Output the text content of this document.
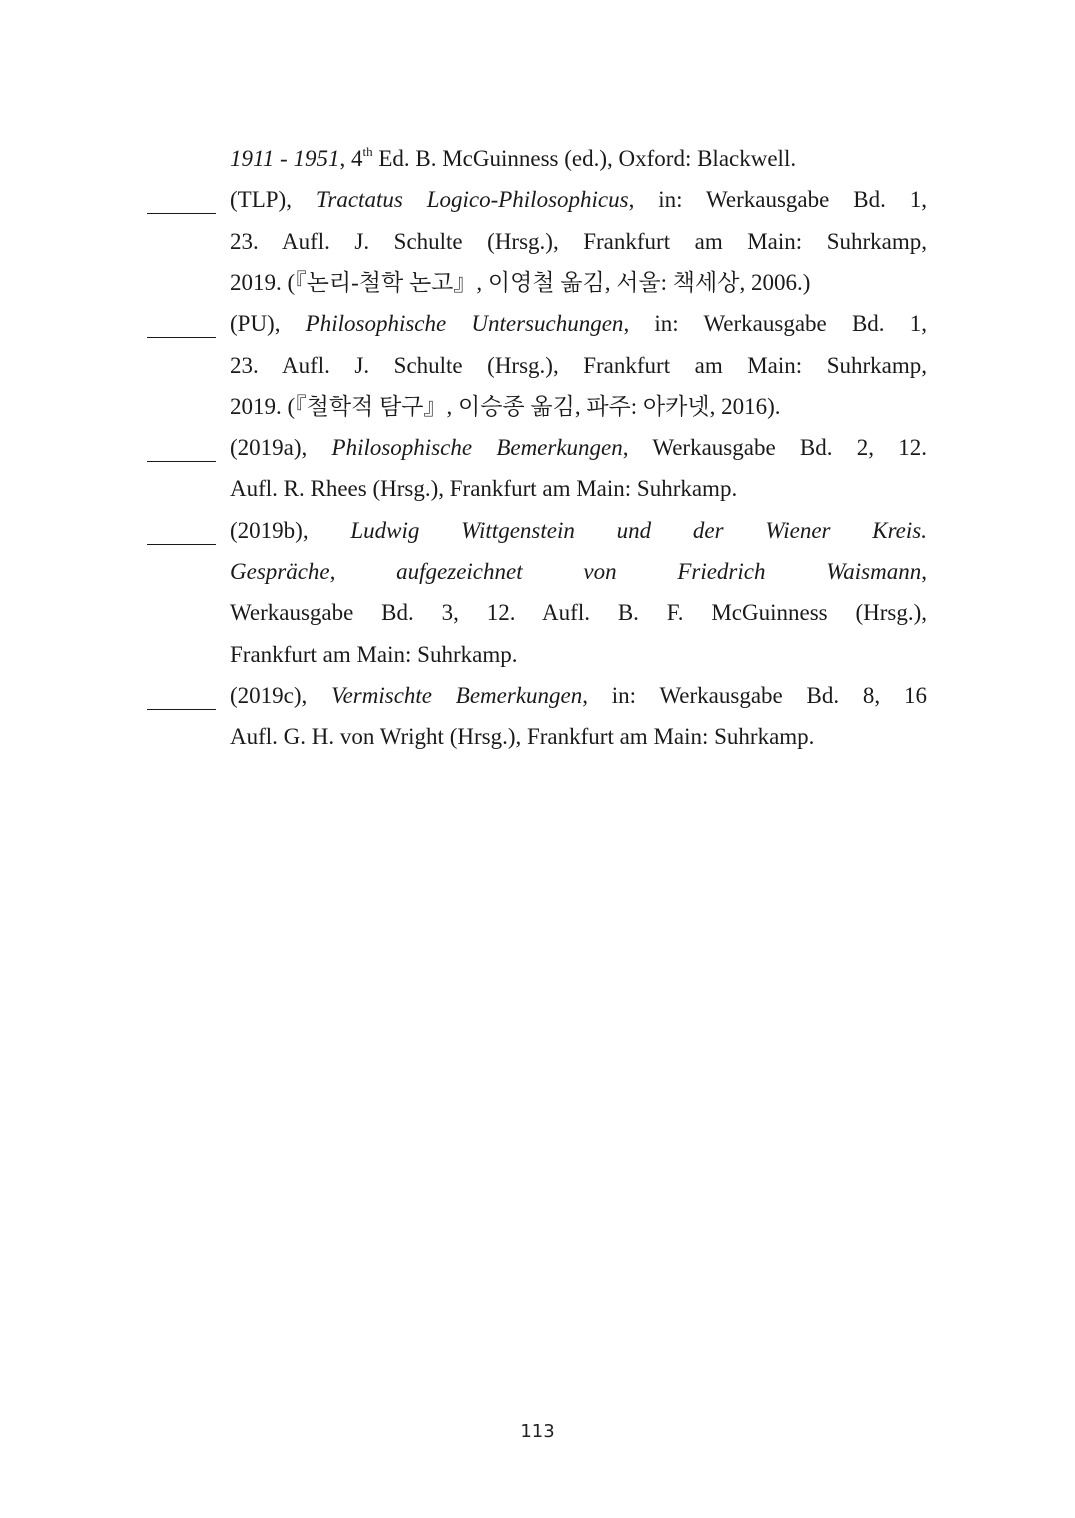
1911 - 1951, 4th Ed. B. McGuinness (ed.), Oxford: Blackwell.
(TLP), Tractatus Logico-Philosophicus, in: Werkausgabe Bd. 1,
23. Aufl. J. Schulte (Hrsg.), Frankfurt am Main: Suhrkamp,
2019. (『논리-철학 논고』, 이영철 옮김, 서울: 책세상, 2006.)
(PU), Philosophische Untersuchungen, in: Werkausgabe Bd. 1,
23. Aufl. J. Schulte (Hrsg.), Frankfurt am Main: Suhrkamp,
2019. (『철학적 탐구』, 이승종 옮김, 파주: 아카넷, 2016).
(2019a), Philosophische Bemerkungen, Werkausgabe Bd. 2, 12.
Aufl. R. Rhees (Hrsg.), Frankfurt am Main: Suhrkamp.
(2019b), Ludwig Wittgenstein und der Wiener Kreis.
Gespräche, aufgezeichnet von Friedrich Waismann,
Werkausgabe Bd. 3, 12. Aufl. B. F. McGuinness (Hrsg.),
Frankfurt am Main: Suhrkamp.
(2019c), Vermischte Bemerkungen, in: Werkausgabe Bd. 8, 16
Aufl. G. H. von Wright (Hrsg.), Frankfurt am Main: Suhrkamp.
113
